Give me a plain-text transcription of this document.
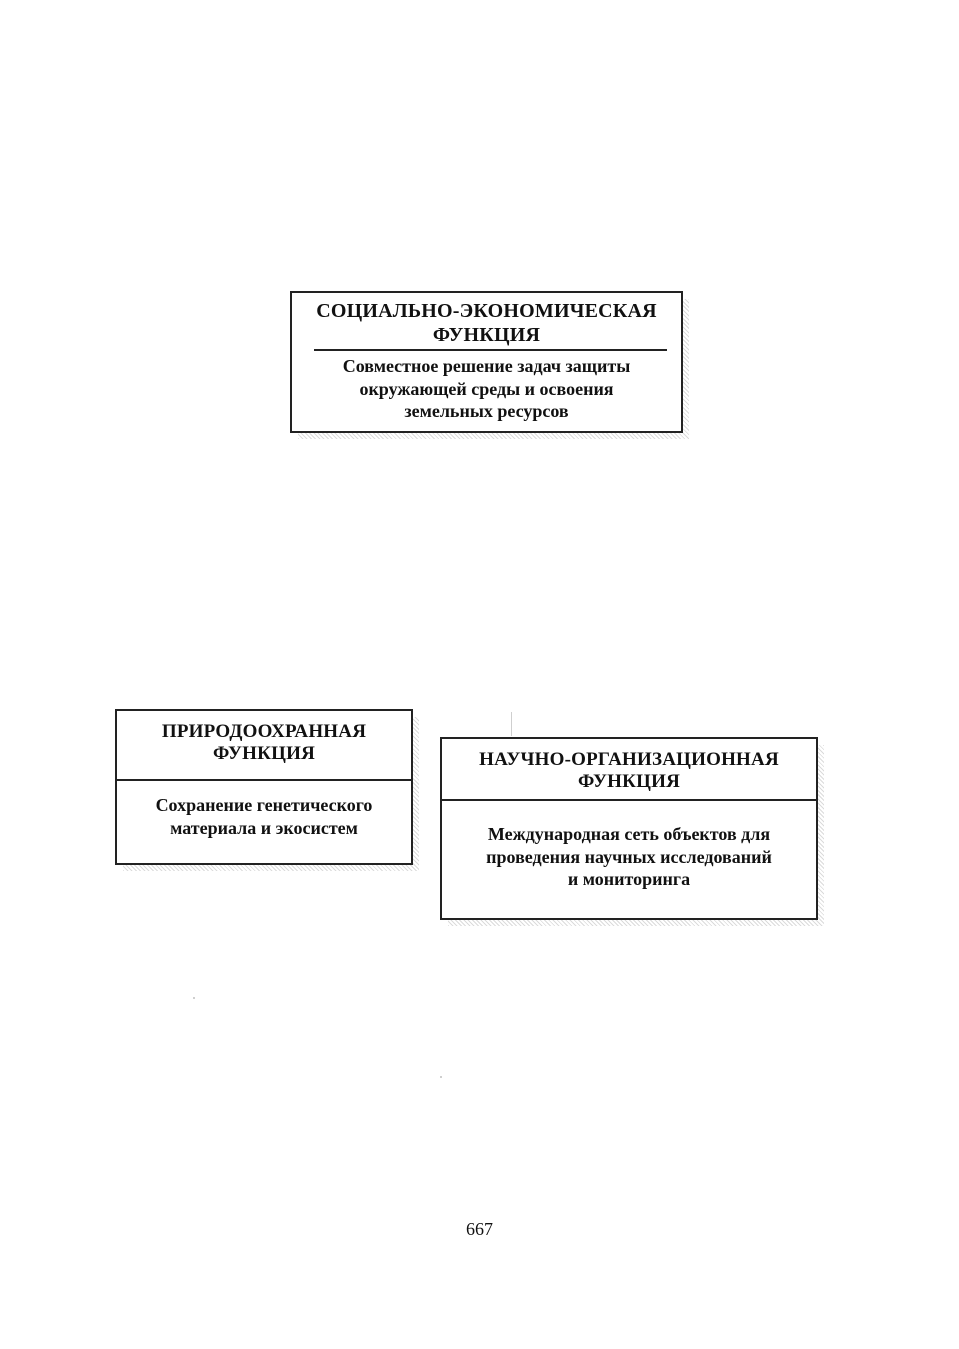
СОЦИАЛЬНО-ЭКОНОМИЧЕСКАЯ
ФУНКЦИЯ
Совместное решение задач защиты
окружающей среды и освоения
земельных ресурсов
ПРИРОДООХРАННАЯ
ФУНКЦИЯ
Сохранение генетического
материала и экосистем
НАУЧНО-ОРГАНИЗАЦИОННАЯ
ФУНКЦИЯ
Международная сеть объектов для
проведения научных исследований
и мониторинга
667
